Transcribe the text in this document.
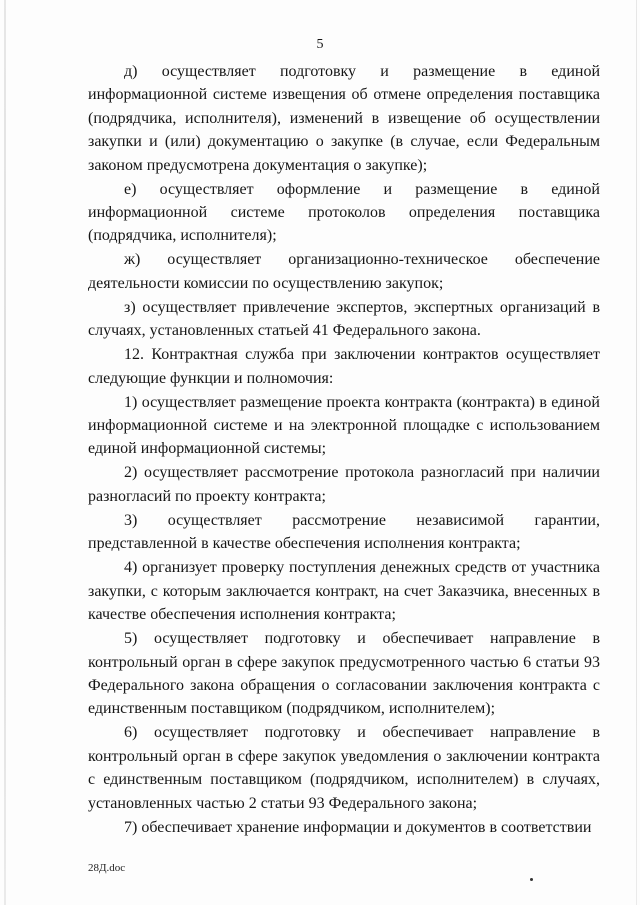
5

д) осуществляет подготовку и размещение в единой информационной системе извещения об отмене определения поставщика (подрядчика, исполнителя), изменений в извещение об осуществлении закупки и (или) документацию о закупке (в случае, если Федеральным законом предусмотрена документация о закупке);

е) осуществляет оформление и размещение в единой информационной системе протоколов определения поставщика (подрядчика, исполнителя);

ж) осуществляет организационно-техническое обеспечение деятельности комиссии по осуществлению закупок;

з) осуществляет привлечение экспертов, экспертных организаций в случаях, установленных статьей 41 Федерального закона.

12. Контрактная служба при заключении контрактов осуществляет следующие функции и полномочия:

1) осуществляет размещение проекта контракта (контракта) в единой информационной системе и на электронной площадке с использованием единой информационной системы;

2) осуществляет рассмотрение протокола разногласий при наличии разногласий по проекту контракта;

3) осуществляет рассмотрение независимой гарантии, представленной в качестве обеспечения исполнения контракта;

4) организует проверку поступления денежных средств от участника закупки, с которым заключается контракт, на счет Заказчика, внесенных в качестве обеспечения исполнения контракта;

5) осуществляет подготовку и обеспечивает направление в контрольный орган в сфере закупок предусмотренного частью 6 статьи 93 Федерального закона обращения о согласовании заключения контракта с единственным поставщиком (подрядчиком, исполнителем);

6) осуществляет подготовку и обеспечивает направление в контрольный орган в сфере закупок уведомления о заключении контракта с единственным поставщиком (подрядчиком, исполнителем) в случаях, установленных частью 2 статьи 93 Федерального закона;

7) обеспечивает хранение информации и документов в соответствии

28Д.doc
